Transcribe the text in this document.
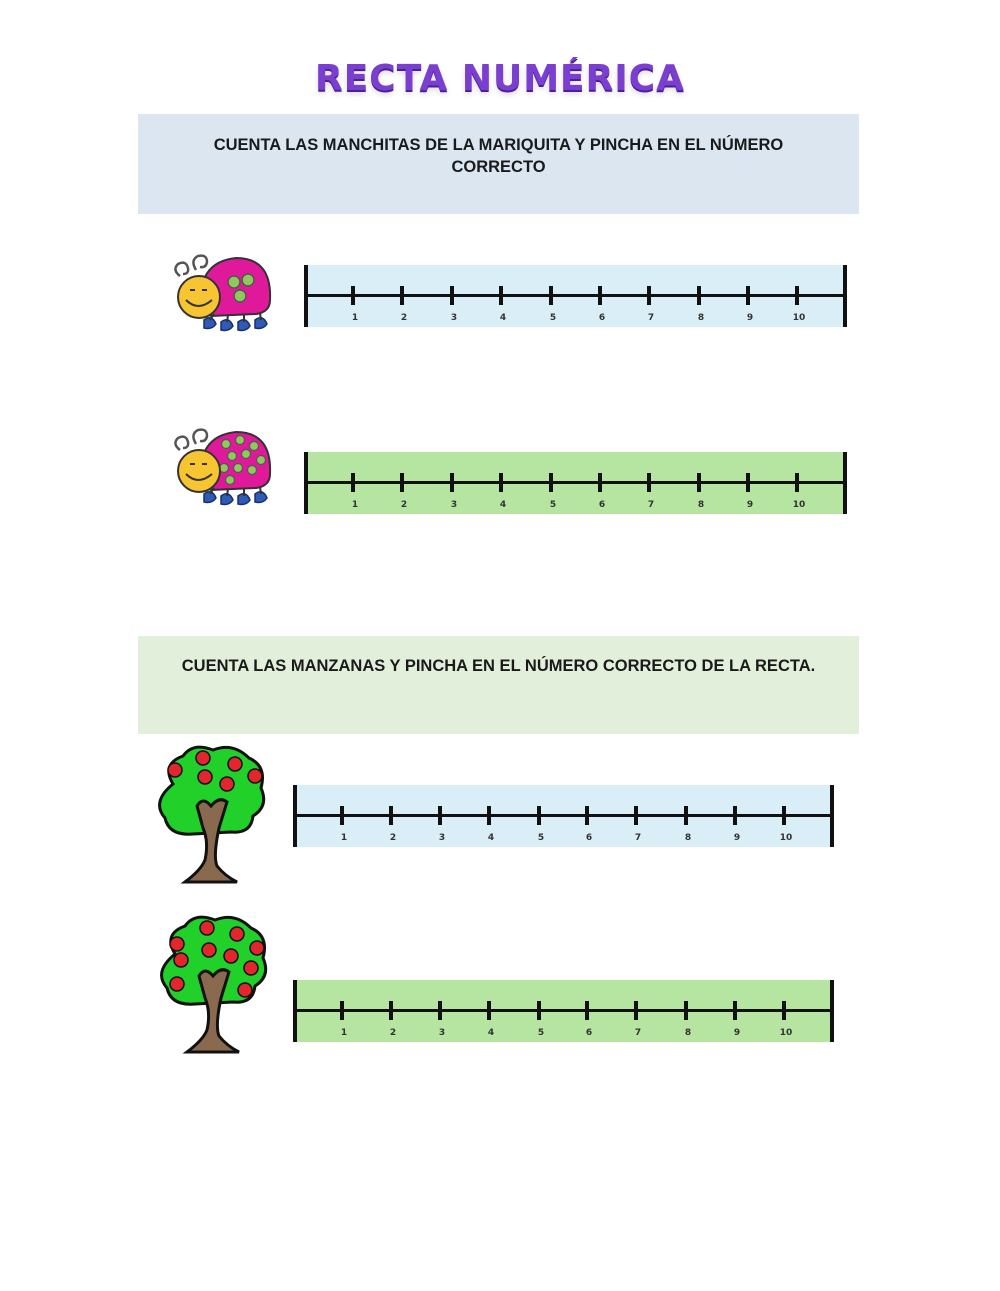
RECTA NUMÉRICA
CUENTA LAS MANCHITAS DE LA MARIQUITA Y PINCHA EN EL NÚMERO CORRECTO
1	2	3	4	5	6	7	8	9	10
1	2	3	4	5	6	7	8	9	10
CUENTA LAS MANZANAS Y PINCHA EN EL NÚMERO CORRECTO DE LA RECTA.
1	2	3	4	5	6	7	8	9	10
1	2	3	4	5	6	7	8	9	10
